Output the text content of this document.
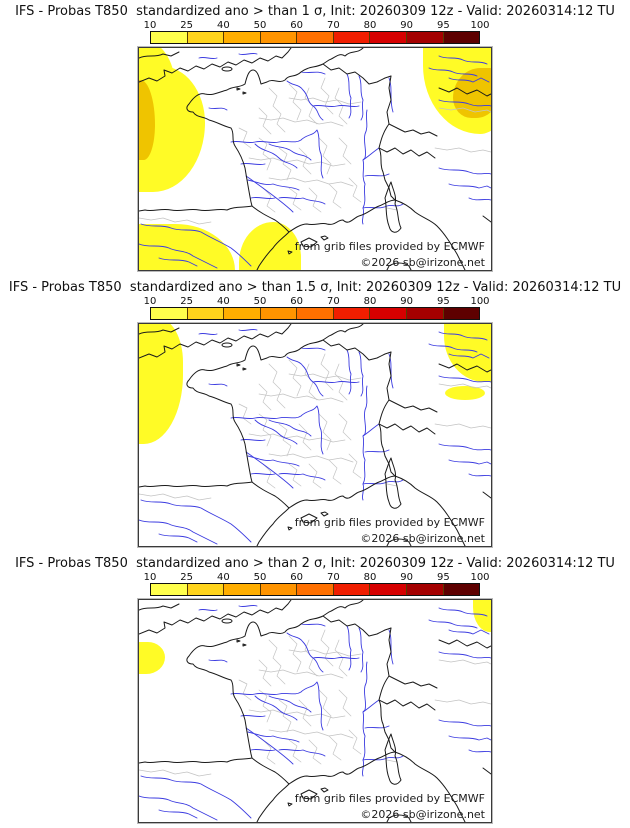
IFS - Probas T850  standardized ano > than 1 σ, Init: 20260309 12z - Valid: 20260314:12 TU
10 25 40 50 60 70 80 90 95 100
from grib files provided by ECMWF
©2026 sb@irizone.net
IFS - Probas T850  standardized ano > than 1.5 σ, Init: 20260309 12z - Valid: 20260314:12 TU
10 25 40 50 60 70 80 90 95 100
from grib files provided by ECMWF
©2026 sb@irizone.net
IFS - Probas T850  standardized ano > than 2 σ, Init: 20260309 12z - Valid: 20260314:12 TU
10 25 40 50 60 70 80 90 95 100
from grib files provided by ECMWF
©2026 sb@irizone.net
